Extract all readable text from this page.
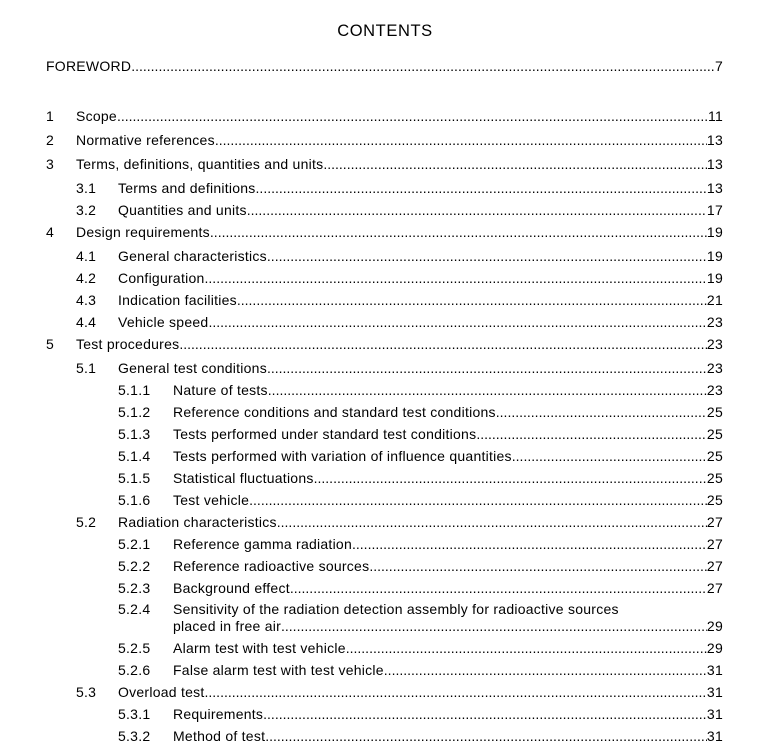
CONTENTS
FOREWORD .....	7
1 Scope .....	11
2 Normative references .....	13
3 Terms, definitions, quantities and units .....	13
3.1 Terms and definitions .....	13
3.2 Quantities and units .....	17
4 Design requirements .....	19
4.1 General characteristics .....	19
4.2 Configuration .....	19
4.3 Indication facilities .....	21
4.4 Vehicle speed .....	23
5 Test procedures .....	23
5.1 General test conditions .....	23
5.1.1 Nature of tests .....	23
5.1.2 Reference conditions and standard test conditions .....	25
5.1.3 Tests performed under standard test conditions .....	25
5.1.4 Tests performed with variation of influence quantities .....	25
5.1.5 Statistical fluctuations .....	25
5.1.6 Test vehicle .....	25
5.2 Radiation characteristics .....	27
5.2.1 Reference gamma radiation .....	27
5.2.2 Reference radioactive sources .....	27
5.2.3 Background effect .....	27
5.2.4 Sensitivity of the radiation detection assembly for radioactive sources
placed in free air .....	29
5.2.5 Alarm test with test vehicle .....	29
5.2.6 False alarm test with test vehicle .....	31
5.3 Overload test .....	31
5.3.1 Requirements .....	31
5.3.2 Method of test .....	31
